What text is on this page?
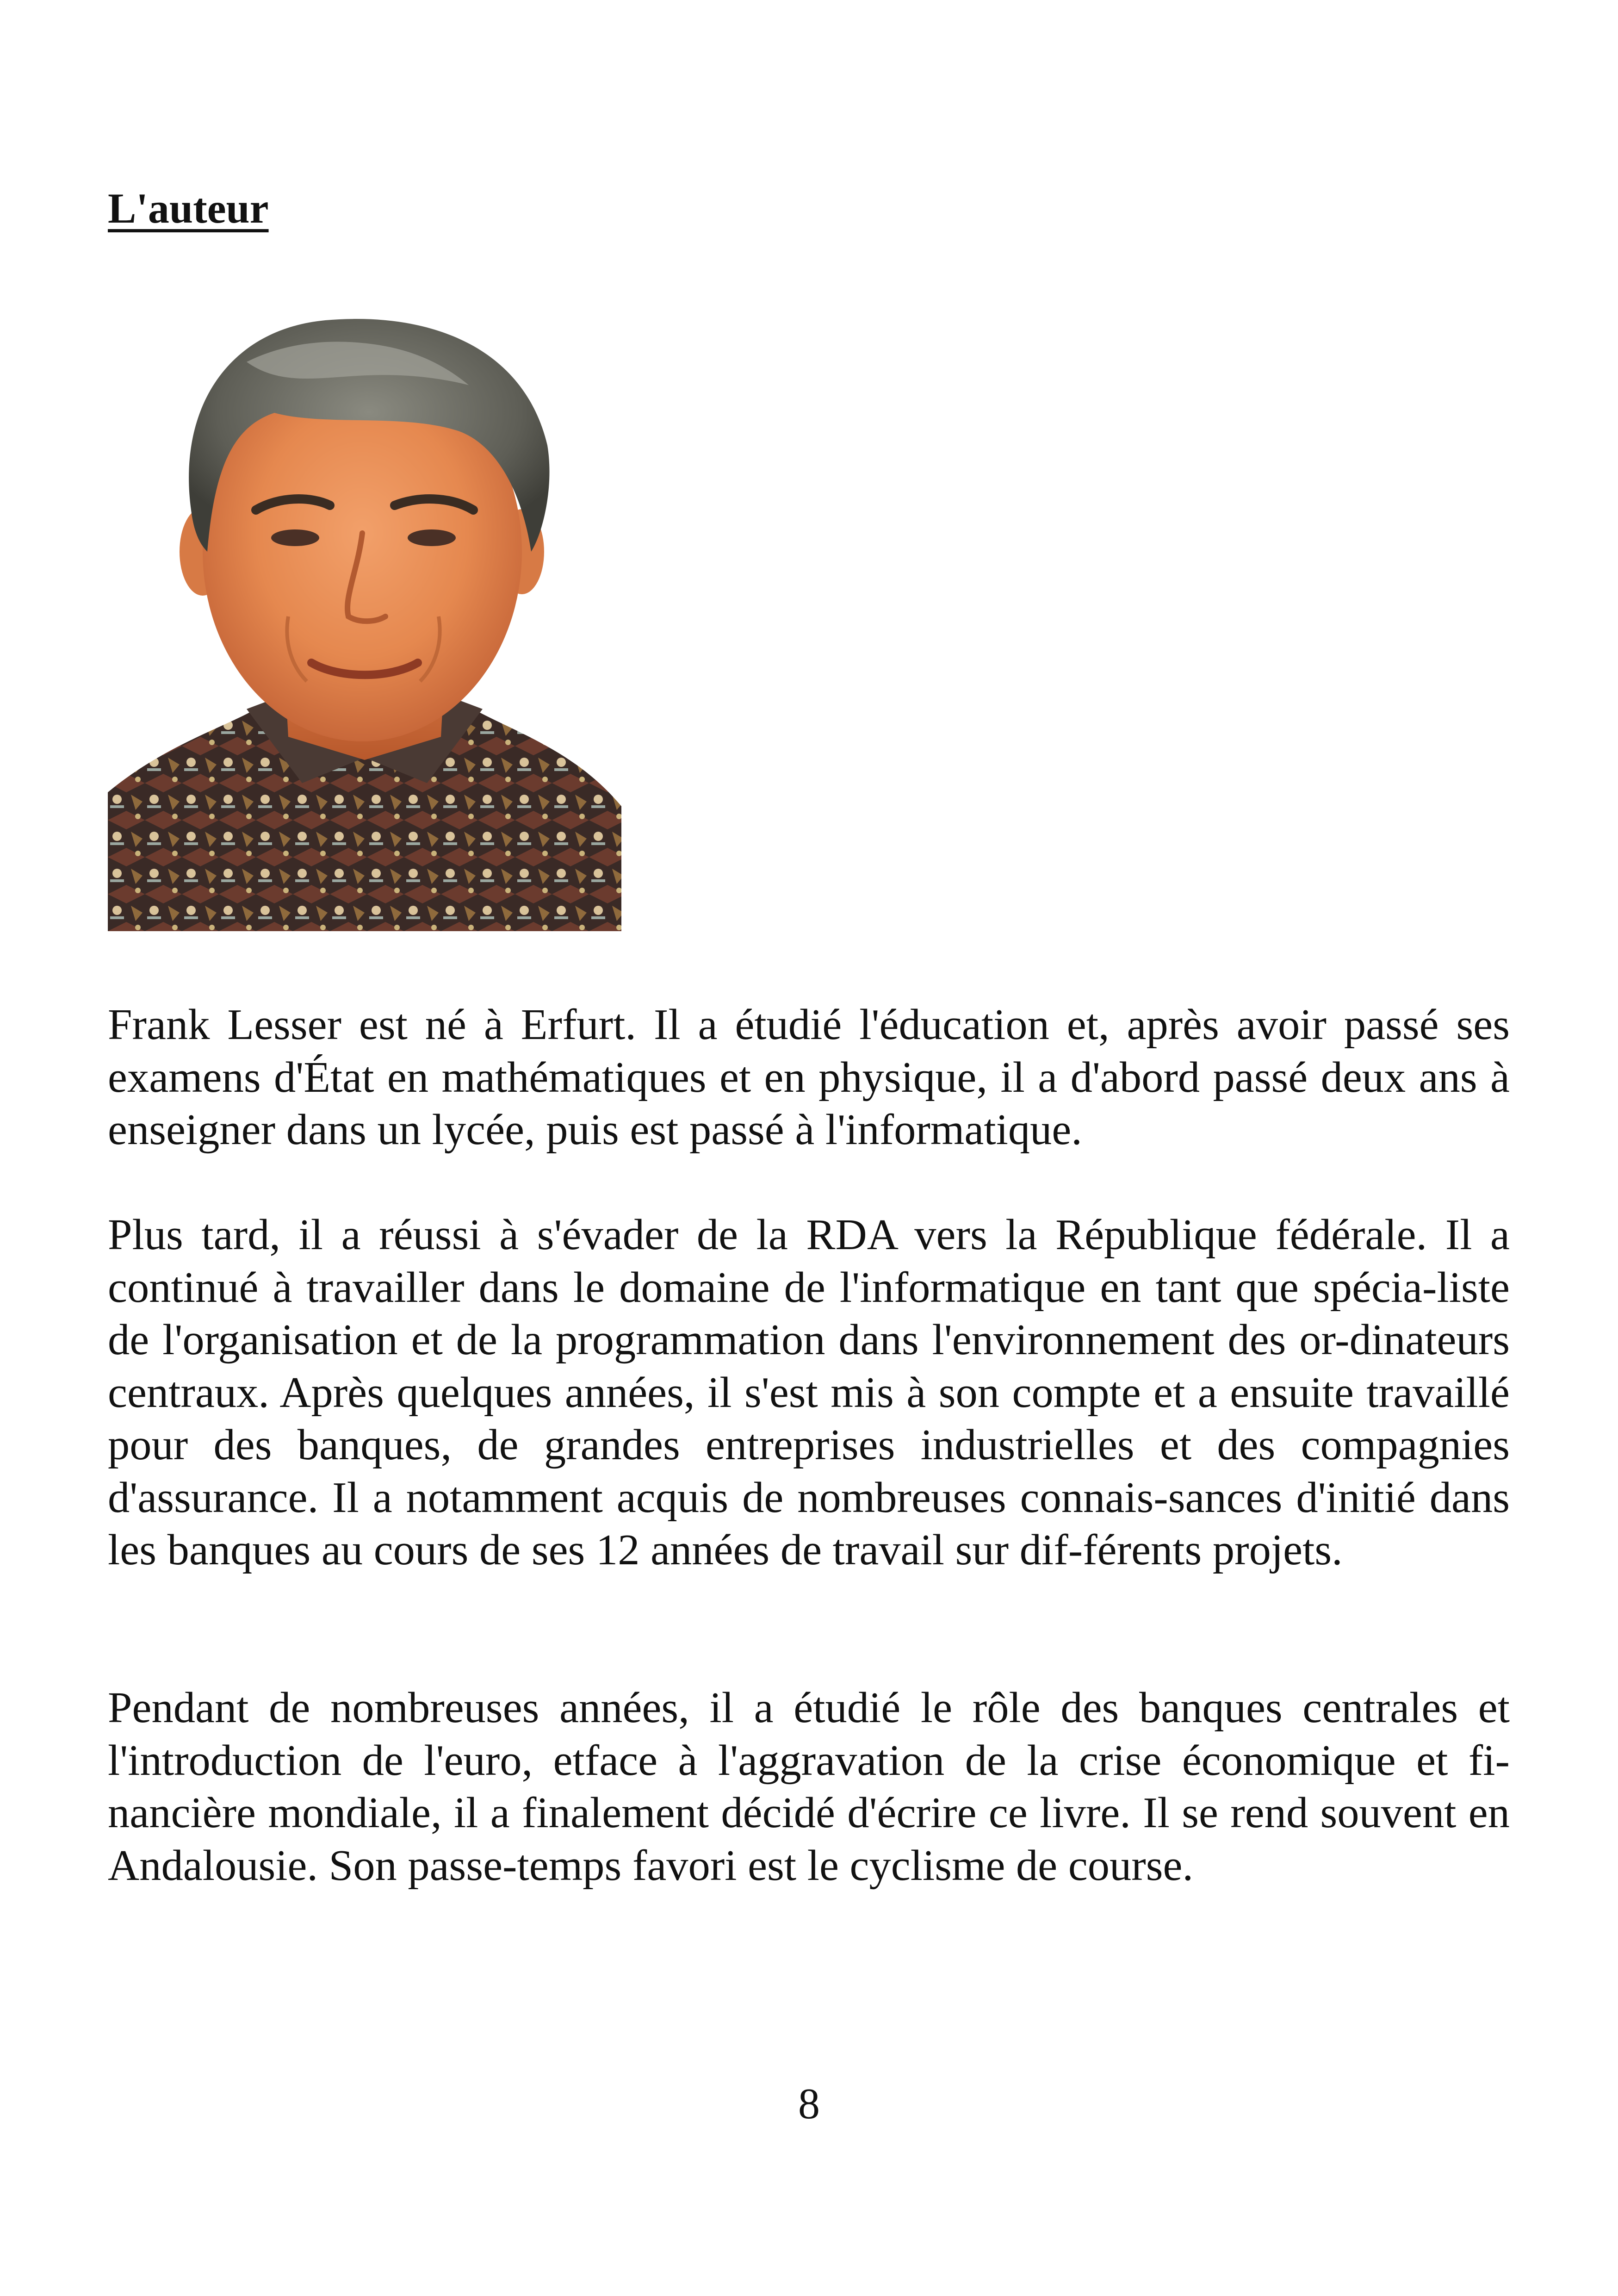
L'auteur

Frank Lesser est né à Erfurt. Il a étudié l'éducation et, après avoir passé ses examens d'État en mathématiques et en physique, il a d'abord passé deux ans à enseigner dans un lycée, puis est passé à l'informatique.

Plus tard, il a réussi à s'évader de la RDA vers la République fédérale. Il a continué à travailler dans le domaine de l'informatique en tant que spécia-liste de l'organisation et de la programmation dans l'environnement des or-dinateurs centraux. Après quelques années, il s'est mis à son compte et a ensuite travaillé pour des banques, de grandes entreprises industrielles et des compagnies d'assurance. Il a notamment acquis de nombreuses connais-sances d'initié dans les banques au cours de ses 12 années de travail sur dif-férents projets.

Pendant de nombreuses années, il a étudié le rôle des banques centrales et l'introduction de l'euro, etface à l'aggravation de la crise économique et fi-nancière mondiale, il a finalement décidé d'écrire ce livre. Il se rend souvent en Andalousie. Son passe-temps favori est le cyclisme de course.

8
